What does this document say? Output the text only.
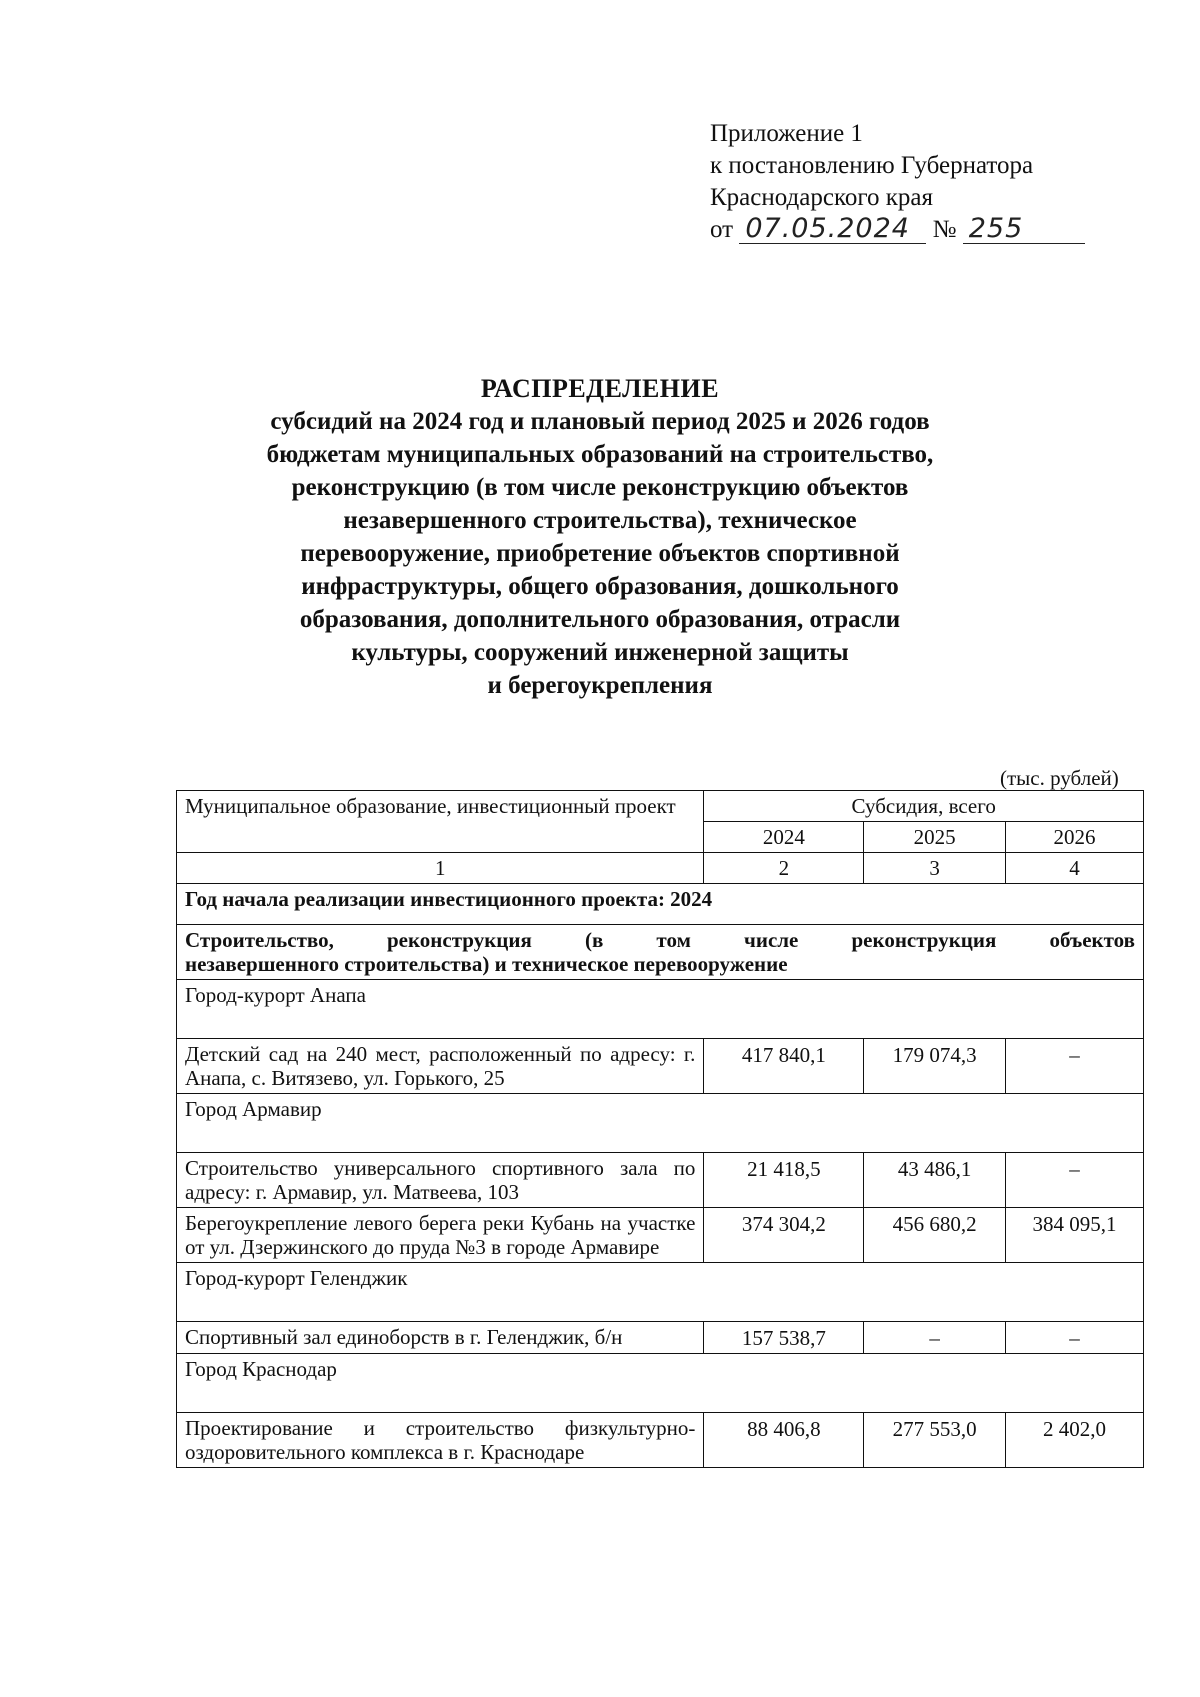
Приложение 1
к постановлению Губернатора
Краснодарского края
от 07.05.2024 № 255
РАСПРЕДЕЛЕНИЕ
субсидий на 2024 год и плановый период 2025 и 2026 годов
бюджетам муниципальных образований на строительство,
реконструкцию (в том числе реконструкцию объектов
незавершенного строительства), техническое
перевооружение, приобретение объектов спортивной
инфраструктуры, общего образования, дошкольного
образования, дополнительного образования, отрасли
культуры, сооружений инженерной защиты
и берегоукрепления
(тыс. рублей)
Муниципальное образование, инвестиционный проект	Субсидия, всего		
	2024	2025	2026
1	2	3	4
Год начала реализации инвестиционного проекта: 2024			

Строительство, реконструкция (в том числе реконструкция объектов
незавершенного строительства) и техническое перевооружение			
Город-курорт Анапа			
Детский сад на 240 мест, расположенный по адресу: г. Анапа, с. Витязево, ул. Горького, 25	417 840,1	179 074,3	–
Город Армавир			
Строительство универсального спортивного зала по адресу: г. Армавир, ул. Матвеева, 103	21 418,5	43 486,1	–
Берегоукрепление левого берега реки Кубань на участке от ул. Дзержинского до пруда №3 в городе Армавире	374 304,2	456 680,2	384 095,1
Город-курорт Геленджик			
Спортивный зал единоборств в г. Геленджик, б/н	157 538,7	–	–
Город Краснодар			
Проектирование и строительство физкультурно-оздоровительного комплекса в г. Краснодаре	88 406,8	277 553,0	2 402,0
